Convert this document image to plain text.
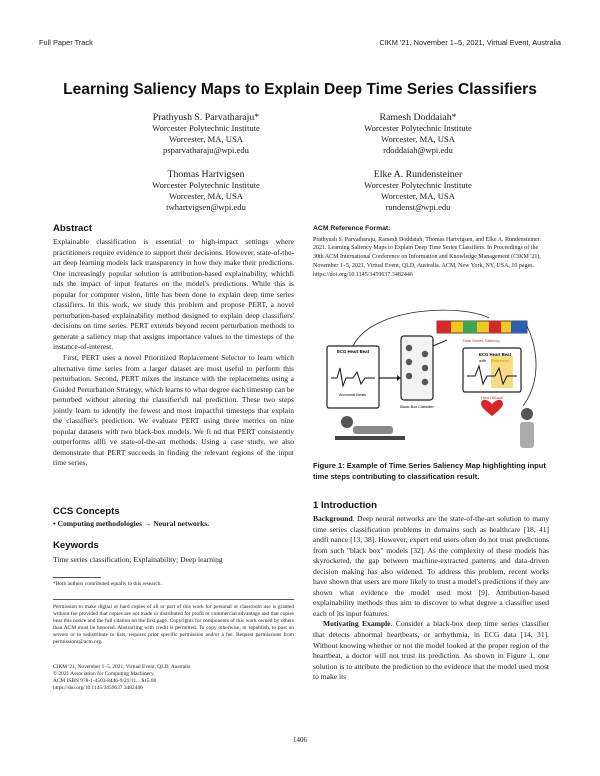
Full Paper Track	CIKM '21, November 1–5, 2021, Virtual Event, Australia
Learning Saliency Maps to Explain Deep Time Series Classifiers
Prathyush S. Parvatharaju*
Worcester Polytechnic Institute
Worcester, MA, USA
psparvatharaju@wpi.edu
Ramesh Doddaiah*
Worcester Polytechnic Institute
Worcester, MA, USA
rdoddaiah@wpi.edu
Thomas Hartvigsen
Worcester Polytechnic Institute
Worcester, MA, USA
twhartvigsen@wpi.edu
Elke A. Rundensteiner
Worcester Polytechnic Institute
Worcester, MA, USA
rundenst@wpi.edu
Abstract

Explainable classification is essential to high-impact settings where practitioners require evidence to support their decisions. However, state-of-the-art deep learning models lack transparency in how they make their predictions. One increasingly popular solution is attribution-based explainability, whichfi nds the impact of input features on the model's predictions. While this is popular for computer vision, little has been done to explain deep time series classifiers. In this work, we study this problem and propose PERT, a novel perturbation-based explainability method designed to explain deep classifiers' decisions on time series. PERT extends beyond recent perturbation methods to generate a saliency map that assigns importance values to the timesteps of the instance-of-interest.

First, PERT uses a novel Prioritized Replacement Selector to learn which alternative time series from a larger dataset are most useful to perform this perturbation. Second, PERT mixes the instance with the replacements using a Guided Perturbation Strategy, which learns to what degree each timestep can be perturbed without altering the classifier'sfi nal prediction. These two steps jointly learn to identify the fewest and most impactful timesteps that explain the classifier's prediction. We evaluate PERT using three metrics on nine popular datasets with two black-box models. We fi nd that PERT consistently outperforms allfi ve state-of-the-art methods. Using a case study, we also demonstrate that PERT succeeds in finding the relevant regions of the input time series.

CCS Concepts
• Computing methodologies → Neural networks.
Keywords
Time series classification; Explainability; Deep learning
*Both authors contributed equally to this research.
Permission to make digital or hard copies of all or part of this work for personal or classroom use is granted without fee provided that copies are not made or distributed for profit or commercial advantage and that copies bear this notice and the full citation on the first page. Copyrights for components of this work owned by others than ACM must be honored. Abstracting with credit is permitted. To copy otherwise, or republish, to post on servers or to redistribute to lists, requires prior specific permission and/or a fee. Request permissions from permissions@acm.org.
CIKM '21, November 1–5, 2021, Virtual Event, QLD, Australia
© 2021 Association for Computing Machinery.
ACM ISBN 978-1-4503-8446-9/21/11... $15.00
https://doi.org/10.1145/3459637.3482446
ACM Reference Format:
Prathyush S. Parvatharaju, Ramesh Doddaiah, Thomas Hartvigsen, and Elke A. Rundensteiner. 2021. Learning Saliency Maps to Explain Deep Time Series Classifiers. In Proceedings of the 30th ACM International Conference on Information and Knowledge Management (CIKM '21), November 1–5, 2021, Virtual Event, QLD, Australia. ACM, New York, NY, USA, 10 pages. https://doi.org/10.1145/3459637.3482446
ECG Heart Beat
Abnormal Beats
Black-Box Classifier
Time Series Saliency
ECG Heart Beat
with Evidence
Heart Attack
Figure 1: Example of Time Series Saliency Map highlighting input time steps contributing to classification result.
1 Introduction

Background. Deep neural networks are the state-of-the-art solution to many time series classification problems in domains such as healthcare [18, 41] andfi nance [13, 38]. However, expert end users often do not trust predictions from such "black box" models [32]. As the complexity of these models has skyrocketed, the gap between machine-extracted patterns and data-driven decision making has also widened. To address this problem, recent works have shown that users are more likely to trust a model's predictions if they are shown what evidence the model used most [9]. Attribution-based explainability methods thus aim to discover to what degree a classifier used each of its input features.

Motivating Example. Consider a black-box deep time series classifier that detects abnormal heartbeats, or arrhythmia, in ECG data [14, 31]. Without knowing whether or not the model looked at the proper region of the heartbeat, a doctor will not trust its prediction. As shown in Figure 1, one solution is to attribute the prediction to the evidence that the model used most to make its

1406
